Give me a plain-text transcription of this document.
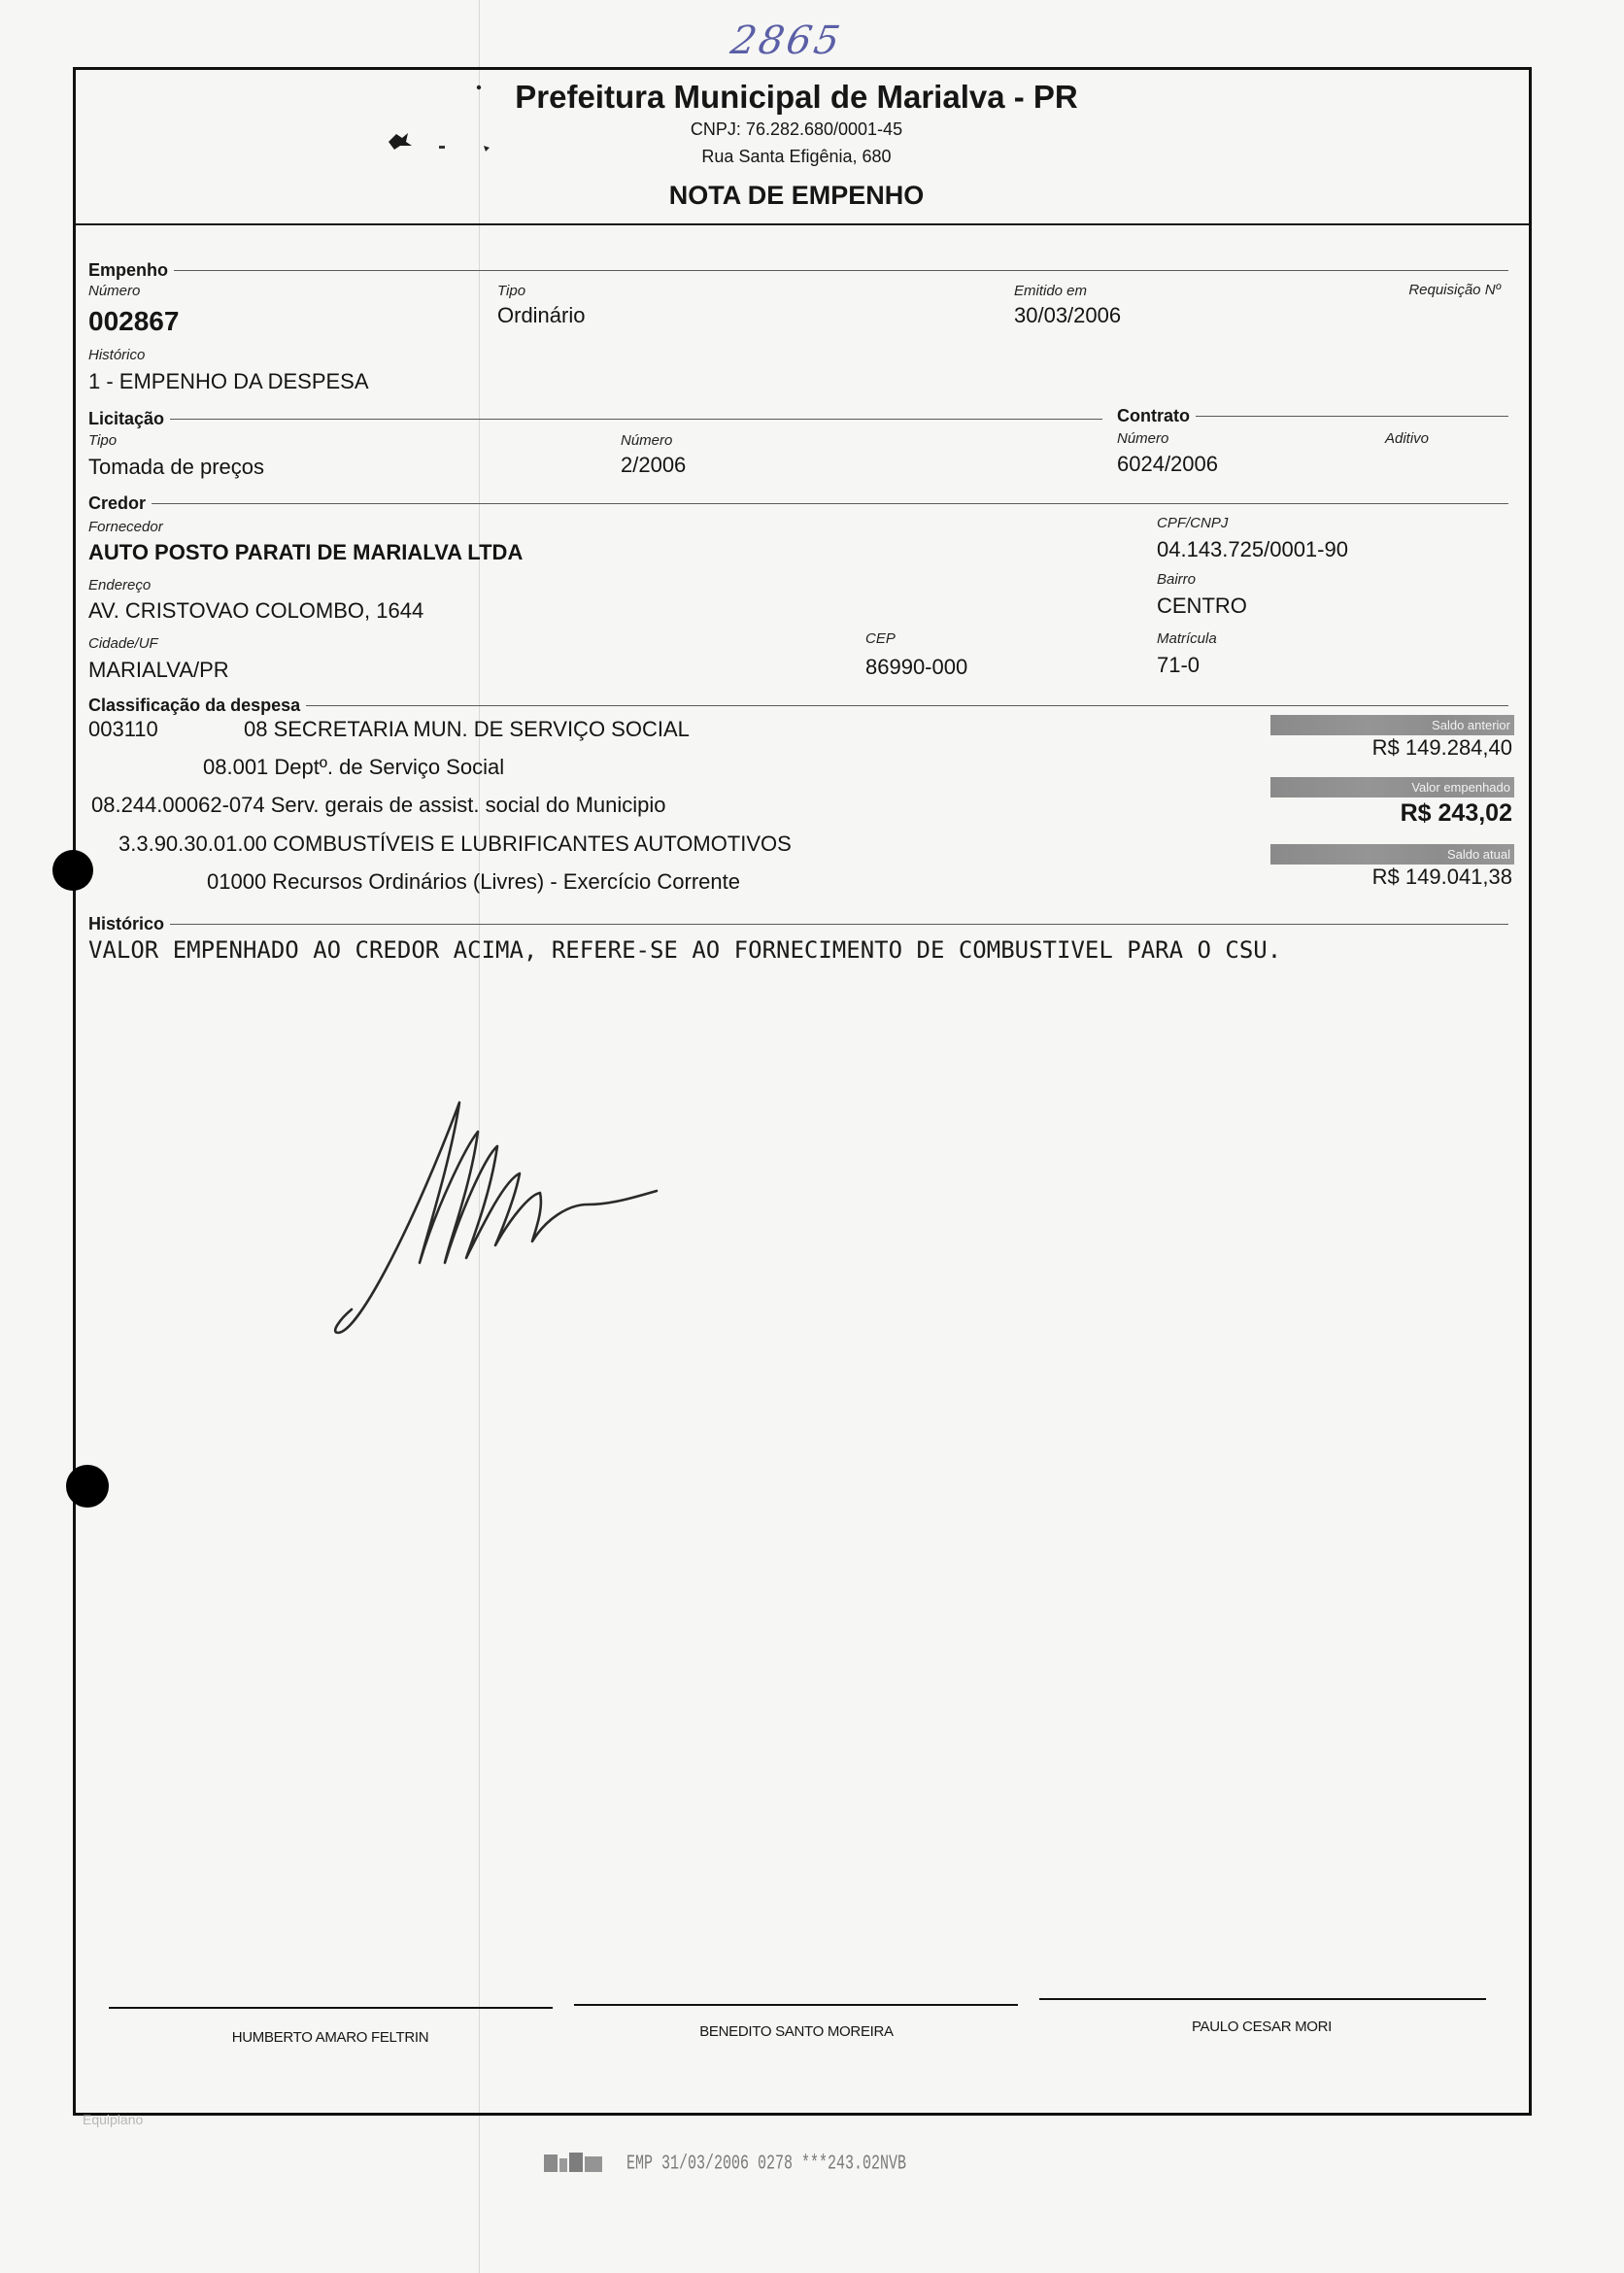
2865
Prefeitura Municipal de Marialva - PR
CNPJ: 76.282.680/0001-45
Rua Santa Efigênia, 680
NOTA DE EMPENHO
Empenho
Número
002867
Tipo
Ordinário
Emitido em
30/03/2006
Requisição Nº
Histórico
1 - EMPENHO DA DESPESA
Licitação
Tipo
Tomada de preços
Número
2/2006
Contrato
Número
6024/2006
Aditivo
Credor
Fornecedor
AUTO POSTO PARATI DE MARIALVA LTDA
CPF/CNPJ
04.143.725/0001-90
Endereço
AV. CRISTOVAO COLOMBO, 1644
Bairro
CENTRO
Cidade/UF
MARIALVA/PR
CEP
86990-000
Matrícula
71-0
Classificação da despesa
003110	08 SECRETARIA MUN. DE SERVIÇO SOCIAL
08.001 Deptº. de Serviço Social
08.244.00062-074 Serv. gerais de assist. social do Municipio
3.3.90.30.01.00 COMBUSTÍVEIS E LUBRIFICANTES AUTOMOTIVOS
01000 Recursos Ordinários (Livres) - Exercício Corrente
Saldo anterior
R$ 149.284,40
Valor empenhado
R$ 243,02
Saldo atual
R$ 149.041,38
Histórico
VALOR EMPENHADO AO CREDOR ACIMA, REFERE-SE AO FORNECIMENTO DE COMBUSTIVEL PARA O CSU.
HUMBERTO AMARO FELTRIN	BENEDITO SANTO MOREIRA	PAULO CESAR MORI
Equiplano
EMP 31/03/2006 0278 ***243.02NVB
